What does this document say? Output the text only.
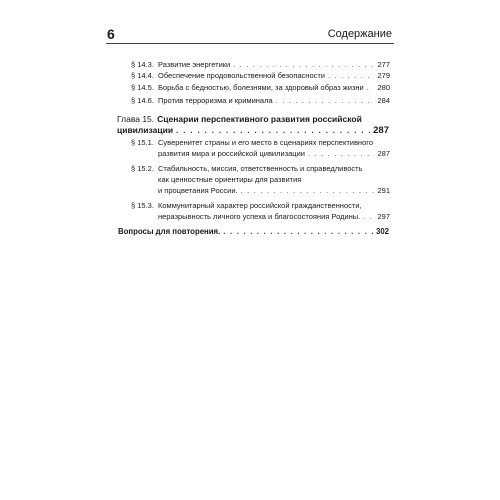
6	Содержание
§ 14.3. Развитие энергетики . . .	277
§ 14.4. Обеспечение продовольственной безопасности . . .	279
§ 14.5. Борьба с бедностью, болезнями, за здоровый образ жизни . . . 280
§ 14.6. Против терроризма и криминала . . .	284
Глава 15. Сценарии перспективного развития российской
цивилизации . . .	287
§ 15.1. Суверенитет страны и его место в сценариях перспективного
развития мира и российской цивилизации . . .	287
§ 15.2. Стабильность, миссия, ответственность и справедливость
как ценностные ориентиры для развития
и процветания России. . . .	291
§ 15.3. Коммунитарный характер российской гражданственности,
неразрывность личного успеха и благосостояния Родины. . . . 297
Вопросы для повторения. . . .	302
